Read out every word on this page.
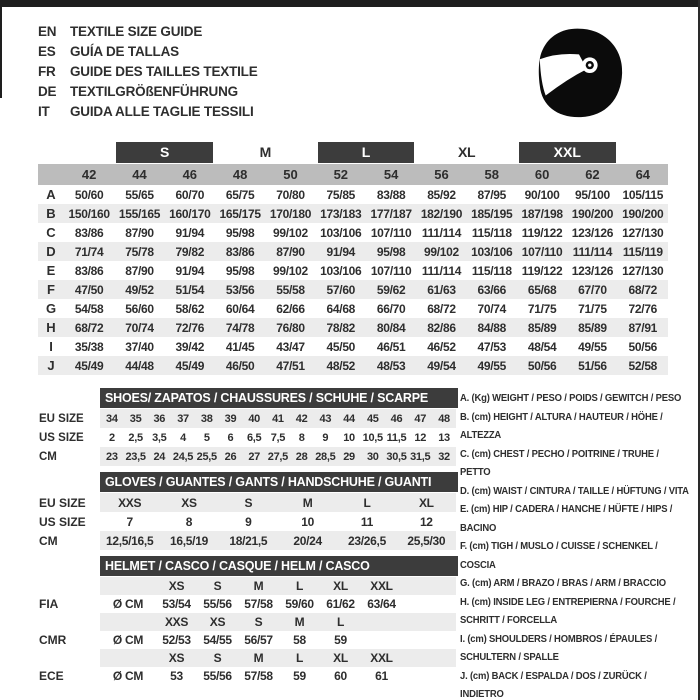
EN	TEXTILE SIZE GUIDE
ES	GUÍA DE TALLAS
FR	GUIDE DES TAILLES TEXTILE
DE	TEXTILGRÖßENFÜHRUNG
IT	GUIDA ALLE TAGLIE TESSILI

		S		M		L		XL		XXL		

	42	44	46	48	50	52	54	56	58	60	62	64
A	50/60	55/65	60/70	65/75	70/80	75/85	83/88	85/92	87/95	90/100	95/100	105/115
B	150/160	155/165	160/170	165/175	170/180	173/183	177/187	182/190	185/195	187/198	190/200	190/200
C	83/86	87/90	91/94	95/98	99/102	103/106	107/110	111/114	115/118	119/122	123/126	127/130
D	71/74	75/78	79/82	83/86	87/90	91/94	95/98	99/102	103/106	107/110	111/114	115/119
E	83/86	87/90	91/94	95/98	99/102	103/106	107/110	111/114	115/118	119/122	123/126	127/130
F	47/50	49/52	51/54	53/56	55/58	57/60	59/62	61/63	63/66	65/68	67/70	68/72
G	54/58	56/60	58/62	60/64	62/66	64/68	66/70	68/72	70/74	71/75	71/75	72/76
H	68/72	70/74	72/76	74/78	76/80	78/82	80/84	82/86	84/88	85/89	85/89	87/91
I	35/38	37/40	39/42	41/45	43/47	45/50	46/51	46/52	47/53	48/54	49/55	50/56
J	45/49	44/48	45/49	46/50	47/51	48/52	48/53	49/54	49/55	50/56	51/56	52/58
SHOES/ ZAPATOS / CHAUSSURES / SCHUHE / SCARPE
EU SIZE	34	35	36	37	38	39	40	41	42	43	44	45	46	47	48
US SIZE	2	2,5	3,5	4	5	6	6,5	7,5	8	9	10	10,5	11,5	12	13
CM	23	23,5	24	24,5	25,5	26	27	27,5	28	28,5	29	30	30,5	31,5	32
GLOVES / GUANTES / GANTS / HANDSCHUHE / GUANTI
EU SIZE	XXS	XS	S	M	L	XL
US SIZE	7	8	9	10	11	12
CM	12,5/16,5	16,5/19	18/21,5	20/24	23/26,5	25,5/30
HELMET / CASCO / CASQUE / HELM / CASCO
		XS	S	M	L	XL	XXL	
FIA	Ø CM	53/54	55/56	57/58	59/60	61/62	63/64	
		XXS	XS	S	M	L		
CMR	Ø CM	52/53	54/55	56/57	58	59		
		XS	S	M	L	XL	XXL	
ECE	Ø CM	53	55/56	57/58	59	60	61	

A. (Kg) WEIGHT / PESO / POIDS / GEWITCH / PESO

B. (cm) HEIGHT / ALTURA / HAUTEUR / HÖHE / ALTEZZA

C. (cm) CHEST / PECHO / POITRINE / TRUHE / PETTO

D. (cm) WAIST / CINTURA / TAILLE / HÜFTUNG / VITA

E. (cm) HIP / CADERA / HANCHE / HÜFTE / HIPS / BACINO

F. (cm) TIGH / MUSLO / CUISSE / SCHENKEL / COSCIA

G. (cm) ARM / BRAZO / BRAS / ARM / BRACCIO

H. (cm) INSIDE LEG / ENTREPIERNA / FOURCHE / SCHRITT / FORCELLA

I. (cm) SHOULDERS / HOMBROS / ÉPAULES / SCHULTERN / SPALLE

J. (cm) BACK / ESPALDA / DOS / ZURÜCK / INDIETRO
